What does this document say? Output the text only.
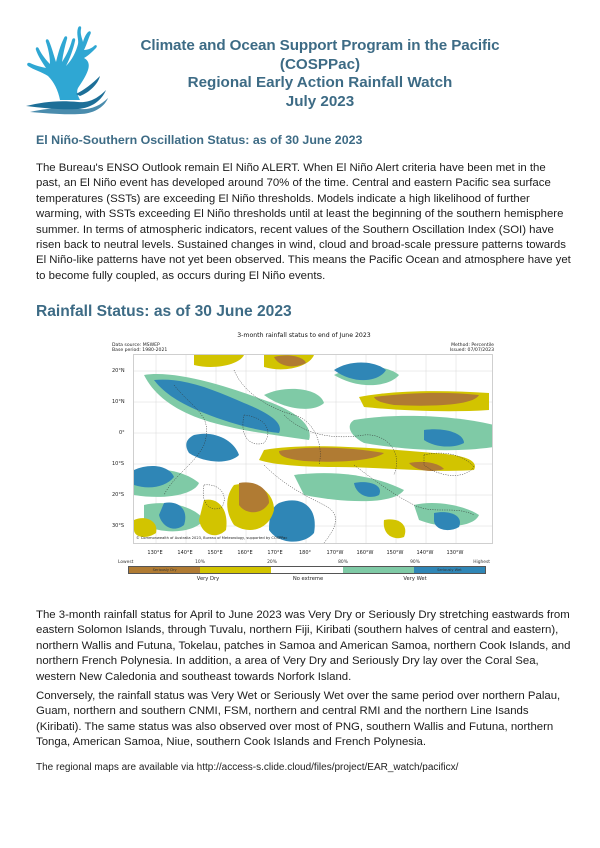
Climate and Ocean Support Program in the Pacific
(COSPPac)
Regional Early Action Rainfall Watch
July 2023
El Niño-Southern Oscillation Status: as of 30 June 2023

The Bureau's ENSO Outlook remain El Niño ALERT. When El Niño Alert criteria have been met in the past, an El Niño event has developed around 70% of the time. Central and eastern Pacific sea surface temperatures (SSTs) are exceeding El Niño thresholds. Models indicate a high likelihood of further warming, with SSTs exceeding El Niño thresholds until at least the beginning of the southern hemisphere summer. In terms of atmospheric indicators, recent values of the Southern Oscillation Index (SOI) have risen back to neutral levels. Sustained changes in wind, cloud and broad-scale pressure patterns towards El Niño-like patterns have not yet been observed. This means the Pacific Ocean and atmosphere have yet to become fully coupled, as occurs during El Niño events.

Rainfall Status: as of 30 June 2023
3-month rainfall status to end of June 2023
Data source: MSWEP
Base period: 1980-2021
Method: Percentile
Issued: 07/07/2023
20°N
10°N
0°
10°S
20°S
30°S
© Commonwealth of Australia 2023, Bureau of Meteorology, supported by COSPPac
130°E	140°E	150°E	160°E	170°E	180°	170°W	160°W	150°W	140°W	130°W
Lowest	10%	20%	80%	90%	Highest
Seriously Dry	Seriously Wet
Very Dry	No extreme	Very Wet

The 3-month rainfall status for April to June 2023 was Very Dry or Seriously Dry stretching eastwards from eastern Solomon Islands, through Tuvalu, northern Fiji, Kiribati (southern halves of central and eastern), northern Wallis and Futuna, Tokelau, patches in Samoa and American Samoa, northern Cook Islands, and northern French Polynesia. In addition, a area of Very Dry and Seriously Dry lay over the Coral Sea, western New Caledonia and southeast towards Norfork Island.

Conversely, the rainfall status was Very Wet or Seriously Wet over the same period over northern Palau, Guam, northern and southern CNMI, FSM, northern and central RMI and the northern Line Isands (Kiribati). The same status was also observed over most of PNG, southern Wallis and Futuna, northern Tonga, American Samoa, Niue, southern Cook Islands and French Polynesia.

The regional maps are available via http://access-s.clide.cloud/files/project/EAR_watch/pacificx/
